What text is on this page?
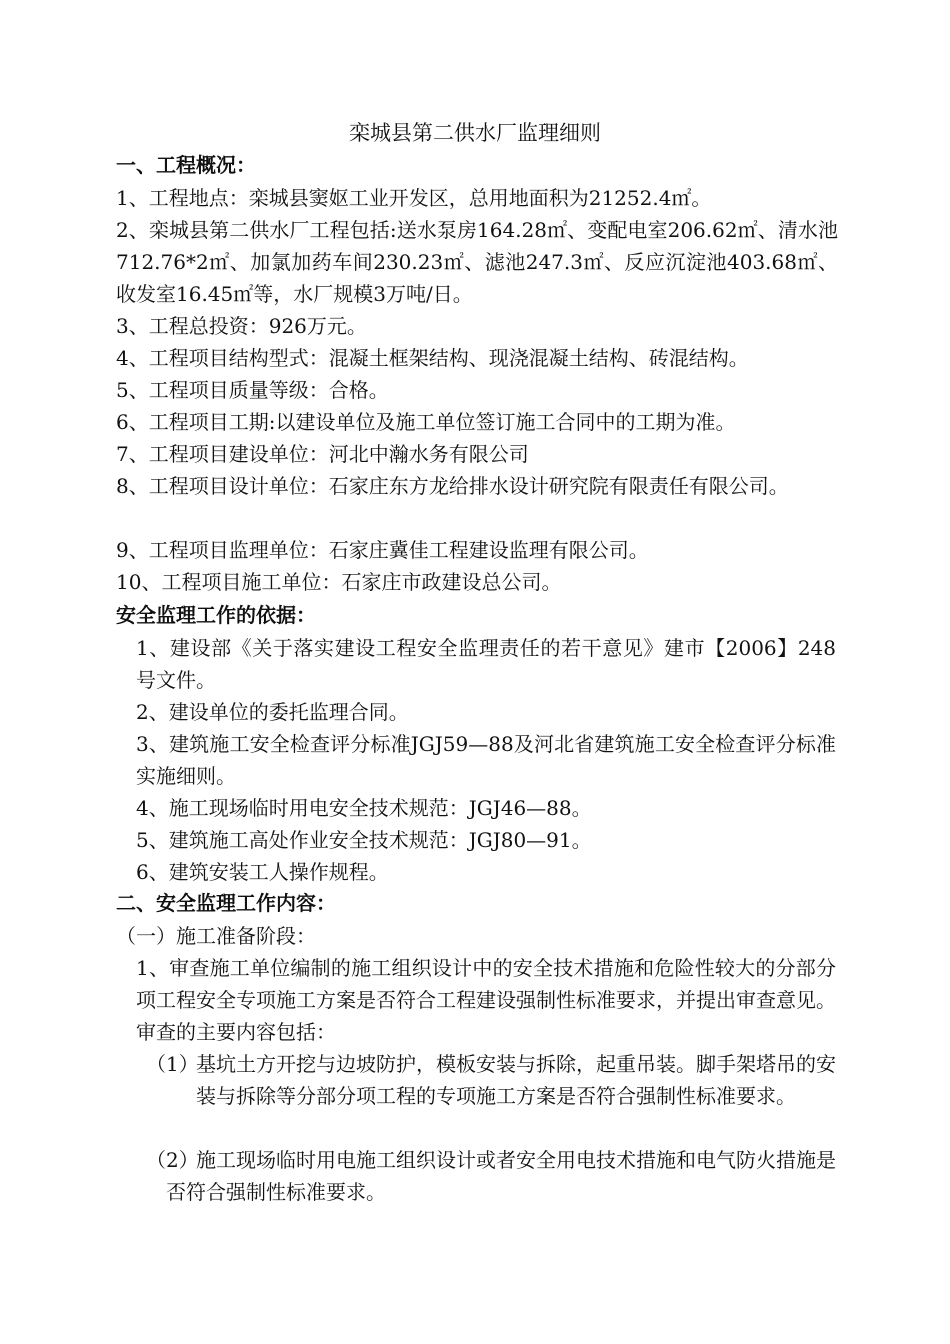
栾城县第二供水厂监理细则
一、工程概况：
1、工程地点：栾城县窦妪工业开发区，总用地面积为21252.4㎡。
2、栾城县第二供水厂工程包括:送水泵房164.28㎡、变配电室206.62㎡、清水池712.76*2㎡、加氯加药车间230.23㎡、滤池247.3㎡、反应沉淀池403.68㎡、收发室16.45㎡等，水厂规模3万吨/日。
3、工程总投资：926万元。
4、工程项目结构型式：混凝土框架结构、现浇混凝土结构、砖混结构。
5、工程项目质量等级：合格。
6、工程项目工期:以建设单位及施工单位签订施工合同中的工期为准。
7、工程项目建设单位：河北中瀚水务有限公司
8、工程项目设计单位：石家庄东方龙给排水设计研究院有限责任有限公司。
9、工程项目监理单位：石家庄冀佳工程建设监理有限公司。
10、工程项目施工单位：石家庄市政建设总公司。
安全监理工作的依据：
1、建设部《关于落实建设工程安全监理责任的若干意见》建市【2006】248号文件。
2、建设单位的委托监理合同。
3、建筑施工安全检查评分标准JGJ59—88及河北省建筑施工安全检查评分标准实施细则。
4、施工现场临时用电安全技术规范：JGJ46—88。
5、建筑施工高处作业安全技术规范：JGJ80—91。
6、建筑安装工人操作规程。
二、安全监理工作内容：
（一）施工准备阶段：
1、审查施工单位编制的施工组织设计中的安全技术措施和危险性较大的分部分项工程安全专项施工方案是否符合工程建设强制性标准要求，并提出审查意见。审查的主要内容包括：
（1）
基坑土方开挖与边坡防护，模板安装与拆除，起重吊装。脚手架塔吊的安装与拆除等分部分项工程的专项施工方案是否符合强制性标准要求。
（2）
施工现场临时用电施工组织设计或者安全用电技术措施和电气防火措施是否符合强制性标准要求。
